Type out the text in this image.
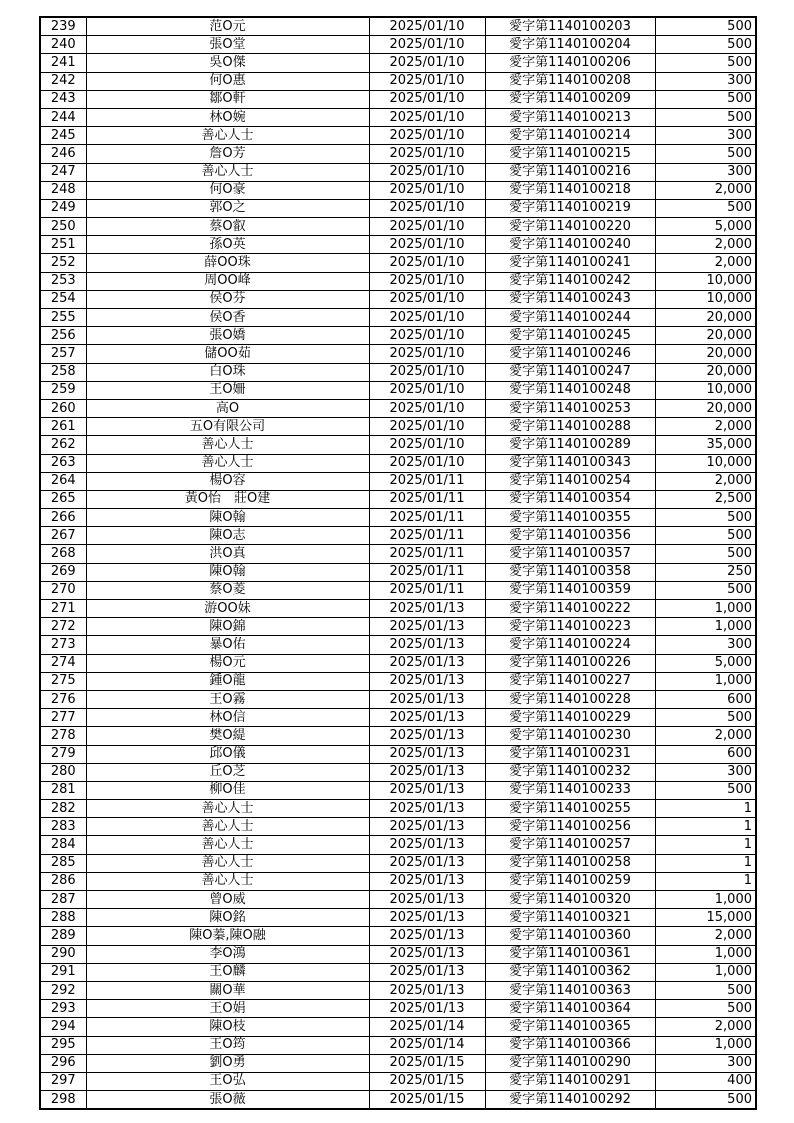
239	范O元	2025/01/10	愛字第1140100203	500
240	張O堂	2025/01/10	愛字第1140100204	500
241	吳O傑	2025/01/10	愛字第1140100206	500
242	何O惠	2025/01/10	愛字第1140100208	300
243	鄒O軒	2025/01/10	愛字第1140100209	500
244	林O婉	2025/01/10	愛字第1140100213	500
245	善心人士	2025/01/10	愛字第1140100214	300
246	詹O芳	2025/01/10	愛字第1140100215	500
247	善心人士	2025/01/10	愛字第1140100216	300
248	何O豪	2025/01/10	愛字第1140100218	2,000
249	郭O之	2025/01/10	愛字第1140100219	500
250	蔡O叡	2025/01/10	愛字第1140100220	5,000
251	孫O英	2025/01/10	愛字第1140100240	2,000
252	薛OO珠	2025/01/10	愛字第1140100241	2,000
253	周OO峰	2025/01/10	愛字第1140100242	10,000
254	侯O芬	2025/01/10	愛字第1140100243	10,000
255	侯O香	2025/01/10	愛字第1140100244	20,000
256	張O嬌	2025/01/10	愛字第1140100245	20,000
257	儲OO茹	2025/01/10	愛字第1140100246	20,000
258	白O珠	2025/01/10	愛字第1140100247	20,000
259	王O姍	2025/01/10	愛字第1140100248	10,000
260	高O	2025/01/10	愛字第1140100253	20,000
261	五O有限公司	2025/01/10	愛字第1140100288	2,000
262	善心人士	2025/01/10	愛字第1140100289	35,000
263	善心人士	2025/01/10	愛字第1140100343	10,000
264	楊O容	2025/01/11	愛字第1140100254	2,000
265	黃O怡　莊O建	2025/01/11	愛字第1140100354	2,500
266	陳O翰	2025/01/11	愛字第1140100355	500
267	陳O志	2025/01/11	愛字第1140100356	500
268	洪O真	2025/01/11	愛字第1140100357	500
269	陳O翰	2025/01/11	愛字第1140100358	250
270	蔡O菱	2025/01/11	愛字第1140100359	500
271	游OO妹	2025/01/13	愛字第1140100222	1,000
272	陳O錦	2025/01/13	愛字第1140100223	1,000
273	暴O佑	2025/01/13	愛字第1140100224	300
274	楊O元	2025/01/13	愛字第1140100226	5,000
275	鍾O龍	2025/01/13	愛字第1140100227	1,000
276	王O霧	2025/01/13	愛字第1140100228	600
277	林O信	2025/01/13	愛字第1140100229	500
278	樊O緹	2025/01/13	愛字第1140100230	2,000
279	邱O儀	2025/01/13	愛字第1140100231	600
280	丘O芝	2025/01/13	愛字第1140100232	300
281	柳O佳	2025/01/13	愛字第1140100233	500
282	善心人士	2025/01/13	愛字第1140100255	1
283	善心人士	2025/01/13	愛字第1140100256	1
284	善心人士	2025/01/13	愛字第1140100257	1
285	善心人士	2025/01/13	愛字第1140100258	1
286	善心人士	2025/01/13	愛字第1140100259	1
287	曾O威	2025/01/13	愛字第1140100320	1,000
288	陳O銘	2025/01/13	愛字第1140100321	15,000
289	陳O蓁,陳O融	2025/01/13	愛字第1140100360	2,000
290	李O鴻	2025/01/13	愛字第1140100361	1,000
291	王O麟	2025/01/13	愛字第1140100362	1,000
292	關O華	2025/01/13	愛字第1140100363	500
293	王O娟	2025/01/13	愛字第1140100364	500
294	陳O枝	2025/01/14	愛字第1140100365	2,000
295	王O筠	2025/01/14	愛字第1140100366	1,000
296	劉O勇	2025/01/15	愛字第1140100290	300
297	王O弘	2025/01/15	愛字第1140100291	400
298	張O薇	2025/01/15	愛字第1140100292	500
